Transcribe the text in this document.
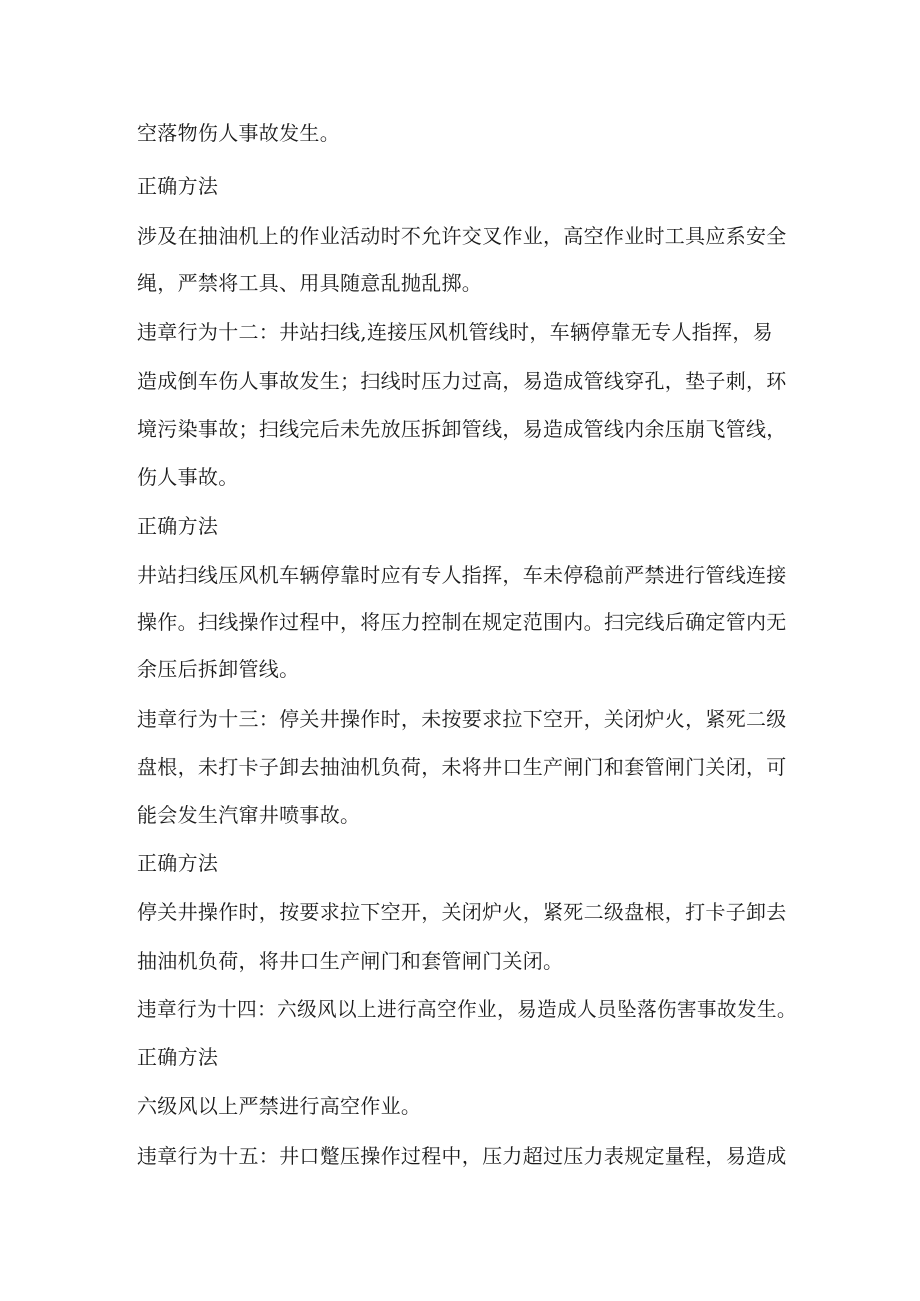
空落物伤人事故发生。

正确方法

涉及在抽油机上的作业活动时不允许交叉作业，高空作业时工具应系安全

绳，严禁将工具、用具随意乱抛乱掷。

违章行为十二：井站扫线,连接压风机管线时，车辆停靠无专人指挥，易

造成倒车伤人事故发生；扫线时压力过高，易造成管线穿孔，垫子刺，环

境污染事故；扫线完后未先放压拆卸管线，易造成管线内余压崩飞管线，

伤人事故。

正确方法

井站扫线压风机车辆停靠时应有专人指挥，车未停稳前严禁进行管线连接

操作。扫线操作过程中，将压力控制在规定范围内。扫完线后确定管内无

余压后拆卸管线。

违章行为十三：停关井操作时，未按要求拉下空开，关闭炉火，紧死二级

盘根，未打卡子卸去抽油机负荷，未将井口生产闸门和套管闸门关闭，可

能会发生汽窜井喷事故。

正确方法

停关井操作时，按要求拉下空开，关闭炉火，紧死二级盘根，打卡子卸去

抽油机负荷，将井口生产闸门和套管闸门关闭。

违章行为十四：六级风以上进行高空作业，易造成人员坠落伤害事故发生。

正确方法

六级风以上严禁进行高空作业。

违章行为十五：井口蹩压操作过程中，压力超过压力表规定量程，易造成
